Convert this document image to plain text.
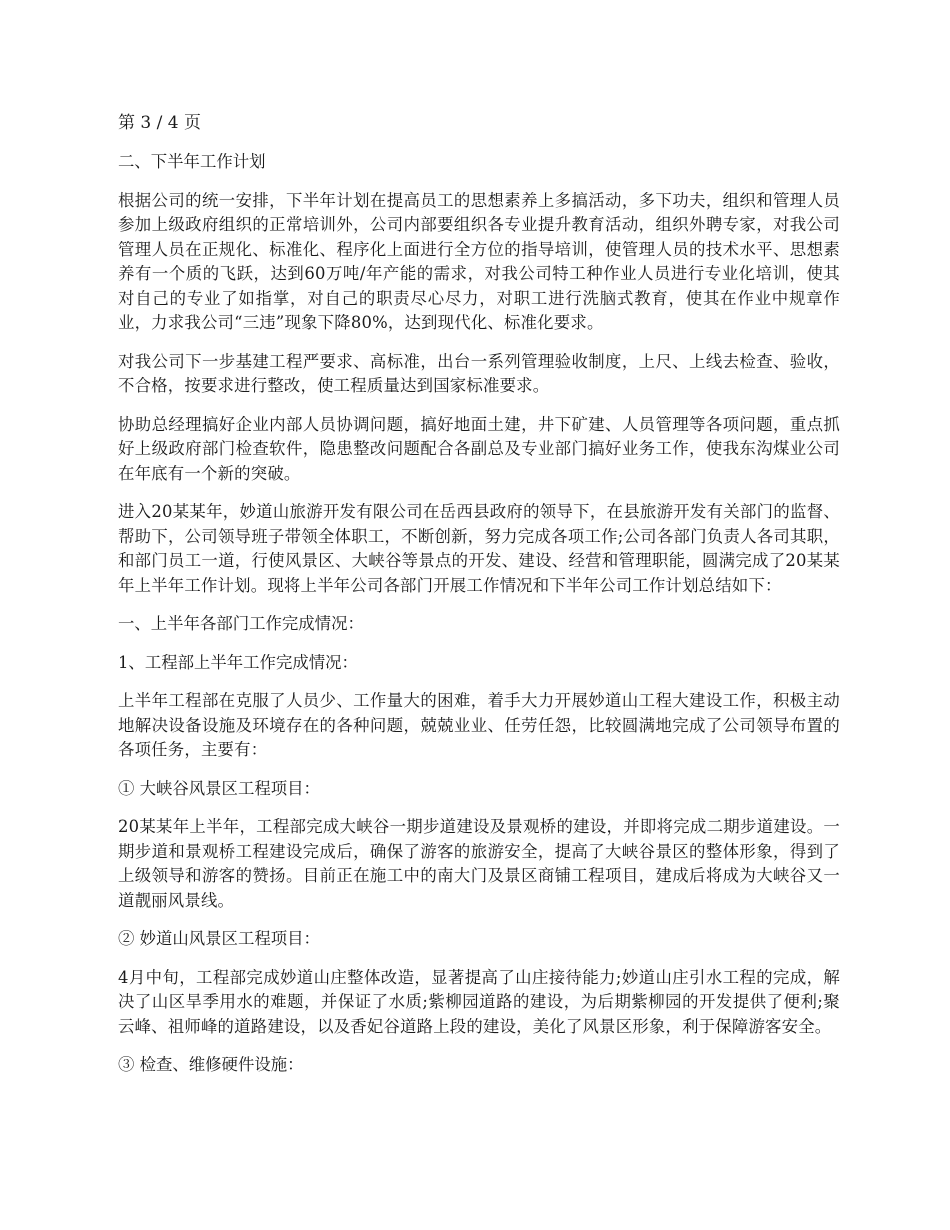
第 3 / 4 页
二、下半年工作计划
根据公司的统一安排，下半年计划在提高员工的思想素养上多搞活动，多下功夫，组织和管理人员参加上级政府组织的正常培训外，公司内部要组织各专业提升教育活动，组织外聘专家，对我公司管理人员在正规化、标准化、程序化上面进行全方位的指导培训，使管理人员的技术水平、思想素养有一个质的飞跃，达到60万吨/年产能的需求，对我公司特工种作业人员进行专业化培训，使其对自己的专业了如指掌，对自己的职责尽心尽力，对职工进行洗脑式教育，使其在作业中规章作业，力求我公司“三违”现象下降80%，达到现代化、标准化要求。
对我公司下一步基建工程严要求、高标准，出台一系列管理验收制度，上尺、上线去检查、验收，不合格，按要求进行整改，使工程质量达到国家标准要求。
协助总经理搞好企业内部人员协调问题，搞好地面土建，井下矿建、人员管理等各项问题，重点抓好上级政府部门检查软件，隐患整改问题配合各副总及专业部门搞好业务工作，使我东沟煤业公司在年底有一个新的突破。
进入20某某年，妙道山旅游开发有限公司在岳西县政府的领导下，在县旅游开发有关部门的监督、帮助下，公司领导班子带领全体职工，不断创新，努力完成各项工作;公司各部门负责人各司其职，和部门员工一道，行使风景区、大峡谷等景点的开发、建设、经营和管理职能，圆满完成了20某某年上半年工作计划。现将上半年公司各部门开展工作情况和下半年公司工作计划总结如下：
一、上半年各部门工作完成情况：
1、工程部上半年工作完成情况：
上半年工程部在克服了人员少、工作量大的困难，着手大力开展妙道山工程大建设工作，积极主动地解决设备设施及环境存在的各种问题，兢兢业业、任劳任怨，比较圆满地完成了公司领导布置的各项任务，主要有：
① 大峡谷风景区工程项目：
20某某年上半年，工程部完成大峡谷一期步道建设及景观桥的建设，并即将完成二期步道建设。一期步道和景观桥工程建设完成后，确保了游客的旅游安全，提高了大峡谷景区的整体形象，得到了上级领导和游客的赞扬。目前正在施工中的南大门及景区商铺工程项目，建成后将成为大峡谷又一道靓丽风景线。
② 妙道山风景区工程项目：
4月中旬，工程部完成妙道山庄整体改造，显著提高了山庄接待能力;妙道山庄引水工程的完成，解决了山区旱季用水的难题，并保证了水质;紫柳园道路的建设，为后期紫柳园的开发提供了便利;聚云峰、祖师峰的道路建设，以及香妃谷道路上段的建设，美化了风景区形象，利于保障游客安全。
③ 检查、维修硬件设施：
